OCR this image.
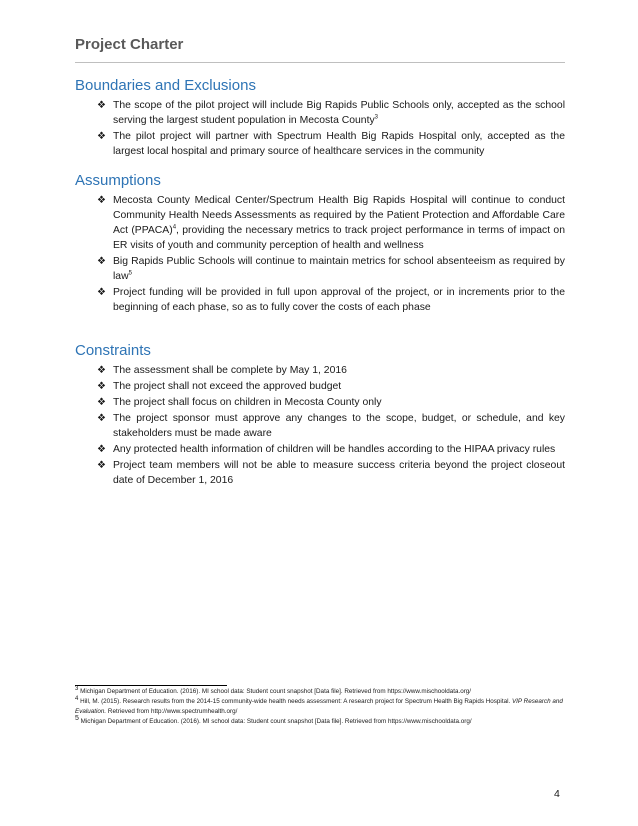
Project Charter
Boundaries and Exclusions
❖ The scope of the pilot project will include Big Rapids Public Schools only, accepted as the school serving the largest student population in Mecosta County$^3$
❖ The pilot project will partner with Spectrum Health Big Rapids Hospital only, accepted as the largest local hospital and primary source of healthcare services in the community
Assumptions
❖ Mecosta County Medical Center/Spectrum Health Big Rapids Hospital will continue to conduct Community Health Needs Assessments as required by the Patient Protection and Affordable Care Act (PPACA)$^4$, providing the necessary metrics to track project performance in terms of impact on ER visits of youth and community perception of health and wellness
❖ Big Rapids Public Schools will continue to maintain metrics for school absenteeism as required by law$^5$
❖ Project funding will be provided in full upon approval of the project, or in increments prior to the beginning of each phase, so as to fully cover the costs of each phase
Constraints
❖ The assessment shall be complete by May 1, 2016
❖ The project shall not exceed the approved budget
❖ The project shall focus on children in Mecosta County only
❖ The project sponsor must approve any changes to the scope, budget, or schedule, and key stakeholders must be made aware
❖ Any protected health information of children will be handles according to the HIPAA privacy rules
❖ Project team members will not be able to measure success criteria beyond the project closeout date of December 1, 2016

3 Michigan Department of Education. (2016). MI school data: Student count snapshot [Data file]. Retrieved from https://www.mischooldata.org/

4 Hill, M. (2015). Research results from the 2014-15 community-wide health needs assessment: A research project for Spectrum Health Big Rapids Hospital. VIP Research and Evaluation. Retrieved from http://www.spectrumhealth.org/

5 Michigan Department of Education. (2016). MI school data: Student count snapshot [Data file]. Retrieved from https://www.mischooldata.org/

4
